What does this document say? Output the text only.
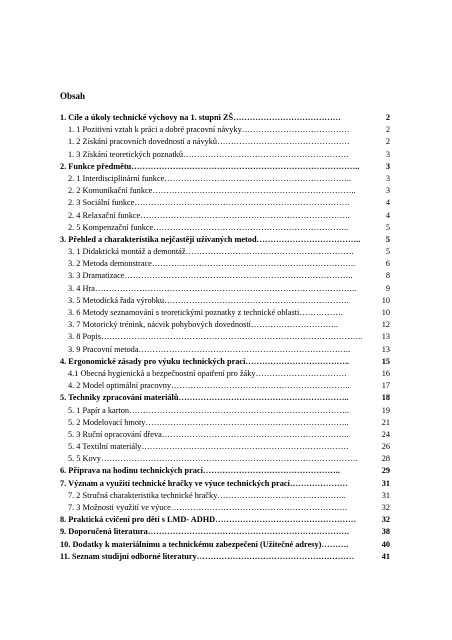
Obsah
1. Cíle a úkoly technické výchovy na 1. stupni ZŠ…………………………………	2
1. 1 Pozitivní vztah k práci a dobré pracovní návyky…………………………………	2
1. 2 Získání pracovních dovedností a návyků…………………………………………	2
1. 3 Získání teoretických poznatků……………………………………………………	3
2. Funkce předmětu………………………………………………………………………..	3
2. 1 Interdisciplinární funkce…………………………………………………………..	3
2. 2 Komunikační funkce………………………………………………………………..	3
2. 3 Sociální funkce……………………………………………………………………	4
2. 4 Relaxační funkce………………………………………………………………….	4
2. 5 Kompenzační funkce……………………………………………………………..	5
3. Přehled a charakteristika nejčastěji užívaných metod………………………………..	5
3. 1 Didaktická montáž a demontáž…………………………………………………….	5
3. 2 Metoda demonstrace………………………………………………………………..	6
3. 3 Dramatizace………………………………………………………………………..	8
3. 4 Hra…………………………………………………………………………………..	9
3. 5 Metodická řada výrobku………………………………………………………….	10
3. 6 Metody seznamování s teoretickými poznatky z technické oblasti…………….	10
3. 7 Motorický trénink, nácvik pohybových dovedností…………………………..	12
3. 8 Popis………………………………………………………………………………….. 13
3. 9 Pracovní metoda…………………………………………………………………..	13
4. Ergonomické zásady pro výuku technických prací………………………………..	15
4.1 Obecná hygienická a bezpečnostní opatření pro žáky……………………………	16
4. 2 Model optimální pracovny………………………………………………………..	17
5. Techniky zpracování materiálů……………………………………………………..	18
5. 1 Papír a karton……………………………………………………………………..	19
5. 2 Modelovací hmoty………………………………………………………………..	21
5. 3 Ruční opracování dřeva…………………………………………………………..	24
5. 4 Textilní materiály…………………………………………………………………	26
5. 5 Kovy…………………………………………………………………………………	28
6. Příprava na hodinu technických prací…………………………………………..	29
7. Význam a využití technické hračky ve výuce technických prací…………………	31
7. 2 Stručná charakteristika technické hračky………………………………………..	31
7. 3 Možnosti využití ve výuce……………………………………………………….	32
8. Praktická cvičení pro děti s LMD- ADHD……………………………………………	32
9. Doporučená literatura……………………………………………………………….	38
10. Dodatky k materiálnímu a technickému zabezpečení (Užitečné adresy)……….	40
11. Seznam studijní odborné literatury…………………………………………………	41
